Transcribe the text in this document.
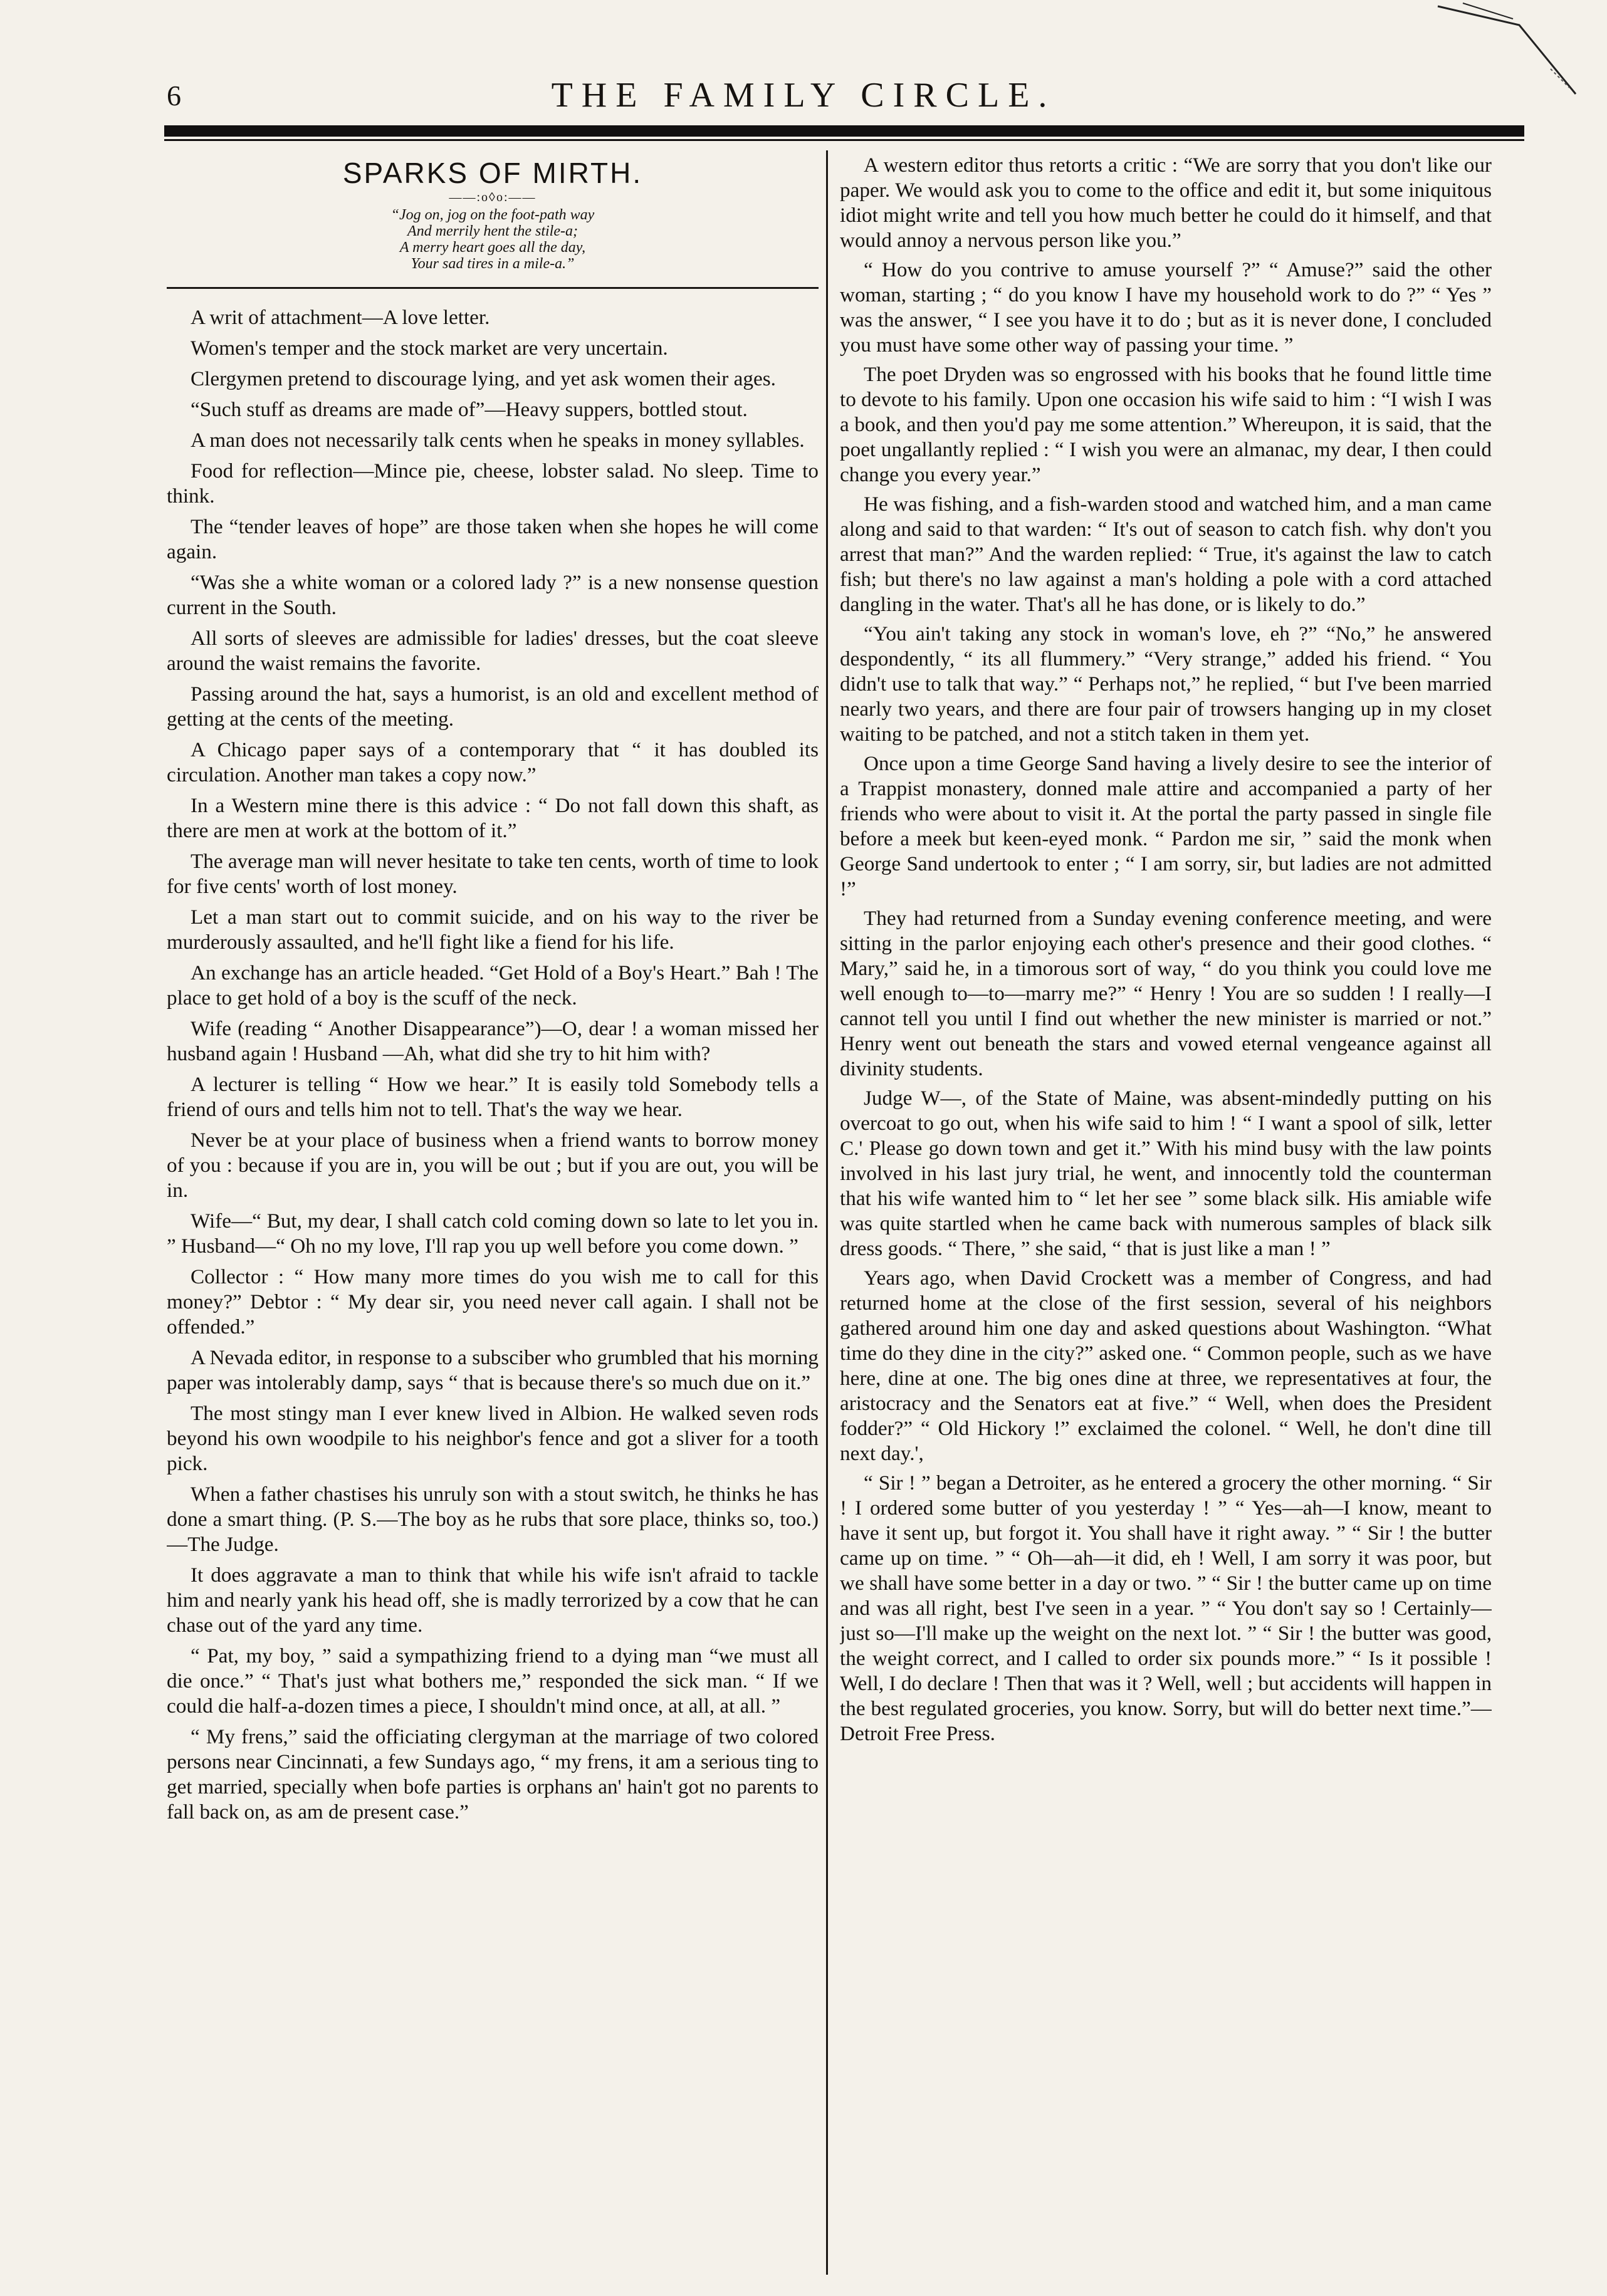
6	THE FAMILY CIRCLE.
SPARKS OF MIRTH.
——:o◊o:——
“Jog on, jog on the foot-path way
And merrily hent the stile-a;
A merry heart goes all the day,
Your sad tires in a mile-a.”

A writ of attachment—A love letter.

Women's temper and the stock market are very uncertain.

Clergymen pretend to discourage lying, and yet ask women their ages.

“Such stuff as dreams are made of”—Heavy suppers, bottled stout.

A man does not necessarily talk cents when he speaks in money syllables.

Food for reflection—Mince pie, cheese, lobster salad. No sleep. Time to think.

The “tender leaves of hope” are those taken when she hopes he will come again.

“Was she a white woman or a colored lady ?” is a new nonsense question current in the South.

All sorts of sleeves are admissible for ladies' dresses, but the coat sleeve around the waist remains the favorite.

Passing around the hat, says a humorist, is an old and excellent method of getting at the cents of the meeting.

A Chicago paper says of a contemporary that “ it has doubled its circulation. Another man takes a copy now.”

In a Western mine there is this advice : “ Do not fall down this shaft, as there are men at work at the bottom of it.”

The average man will never hesitate to take ten cents, worth of time to look for five cents' worth of lost money.

Let a man start out to commit suicide, and on his way to the river be murderously assaulted, and he'll fight like a fiend for his life.

An exchange has an article headed. “Get Hold of a Boy's Heart.” Bah ! The place to get hold of a boy is the scuff of the neck.

Wife (reading “ Another Disappearance”)—O, dear ! a woman missed her husband again ! Husband —Ah, what did she try to hit him with?

A lecturer is telling “ How we hear.” It is easily told Somebody tells a friend of ours and tells him not to tell. That's the way we hear.

Never be at your place of business when a friend wants to borrow money of you : because if you are in, you will be out ; but if you are out, you will be in.

Wife—“ But, my dear, I shall catch cold coming down so late to let you in. ” Husband—“ Oh no my love, I'll rap you up well before you come down. ”

Collector : “ How many more times do you wish me to call for this money?” Debtor : “ My dear sir, you need never call again. I shall not be offended.”

A Nevada editor, in response to a subsciber who grumbled that his morning paper was intolerably damp, says “ that is because there's so much due on it.”

The most stingy man I ever knew lived in Albion. He walked seven rods beyond his own woodpile to his neighbor's fence and got a sliver for a tooth pick.

When a father chastises his unruly son with a stout switch, he thinks he has done a smart thing. (P. S.—The boy as he rubs that sore place, thinks so, too.)—The Judge.

It does aggravate a man to think that while his wife isn't afraid to tackle him and nearly yank his head off, she is madly terrorized by a cow that he can chase out of the yard any time.

“ Pat, my boy, ” said a sympathizing friend to a dying man “we must all die once.” “ That's just what bothers me,” responded the sick man. “ If we could die half-a-dozen times a piece, I shouldn't mind once, at all, at all. ”

“ My frens,” said the officiating clergyman at the marriage of two colored persons near Cincinnati, a few Sundays ago, “ my frens, it am a serious ting to get married, specially when bofe parties is orphans an' hain't got no parents to fall back on, as am de present case.”

A western editor thus retorts a critic : “We are sorry that you don't like our paper. We would ask you to come to the office and edit it, but some iniquitous idiot might write and tell you how much better he could do it himself, and that would annoy a nervous person like you.”

“ How do you contrive to amuse yourself ?” “ Amuse?” said the other woman, starting ; “ do you know I have my household work to do ?” “ Yes ” was the answer, “ I see you have it to do ; but as it is never done, I concluded you must have some other way of passing your time. ”

The poet Dryden was so engrossed with his books that he found little time to devote to his family. Upon one occasion his wife said to him : “I wish I was a book, and then you'd pay me some attention.” Whereupon, it is said, that the poet ungallantly replied : “ I wish you were an almanac, my dear, I then could change you every year.”

He was fishing, and a fish-warden stood and watched him, and a man came along and said to that warden: “ It's out of season to catch fish. why don't you arrest that man?” And the warden replied: “ True, it's against the law to catch fish; but there's no law against a man's holding a pole with a cord attached dangling in the water. That's all he has done, or is likely to do.”

“You ain't taking any stock in woman's love, eh ?” “No,” he answered despondently, “ its all flummery.” “Very strange,” added his friend. “ You didn't use to talk that way.” “ Perhaps not,” he replied, “ but I've been married nearly two years, and there are four pair of trowsers hanging up in my closet waiting to be patched, and not a stitch taken in them yet.

Once upon a time George Sand having a lively desire to see the interior of a Trappist monastery, donned male attire and accompanied a party of her friends who were about to visit it. At the portal the party passed in single file before a meek but keen-eyed monk. “ Pardon me sir, ” said the monk when George Sand undertook to enter ; “ I am sorry, sir, but ladies are not admitted !”

They had returned from a Sunday evening conference meeting, and were sitting in the parlor enjoying each other's presence and their good clothes. “ Mary,” said he, in a timorous sort of way, “ do you think you could love me well enough to—to—marry me?” “ Henry ! You are so sudden ! I really—I cannot tell you until I find out whether the new minister is married or not.” Henry went out beneath the stars and vowed eternal vengeance against all divinity students.

Judge W—, of the State of Maine, was absent-mindedly putting on his overcoat to go out, when his wife said to him ! “ I want a spool of silk, letter C.' Please go down town and get it.” With his mind busy with the law points involved in his last jury trial, he went, and innocently told the counterman that his wife wanted him to “ let her see ” some black silk. His amiable wife was quite startled when he came back with numerous samples of black silk dress goods. “ There, ” she said, “ that is just like a man ! ”

Years ago, when David Crockett was a member of Congress, and had returned home at the close of the first session, several of his neighbors gathered around him one day and asked questions about Washington. “What time do they dine in the city?” asked one. “ Common people, such as we have here, dine at one. The big ones dine at three, we representatives at four, the aristocracy and the Senators eat at five.” “ Well, when does the President fodder?” “ Old Hickory !” exclaimed the colonel. “ Well, he don't dine till next day.',

“ Sir ! ” began a Detroiter, as he entered a grocery the other morning. “ Sir ! I ordered some butter of you yesterday ! ” “ Yes—ah—I know, meant to have it sent up, but forgot it. You shall have it right away. ” “ Sir ! the butter came up on time. ” “ Oh—ah—it did, eh ! Well, I am sorry it was poor, but we shall have some better in a day or two. ” “ Sir ! the butter came up on time and was all right, best I've seen in a year. ” “ You don't say so ! Certainly—just so—I'll make up the weight on the next lot. ” “ Sir ! the butter was good, the weight correct, and I called to order six pounds more.” “ Is it possible ! Well, I do declare ! Then that was it ? Well, well ; but accidents will happen in the best regulated groceries, you know. Sorry, but will do better next time.”—Detroit Free Press.
